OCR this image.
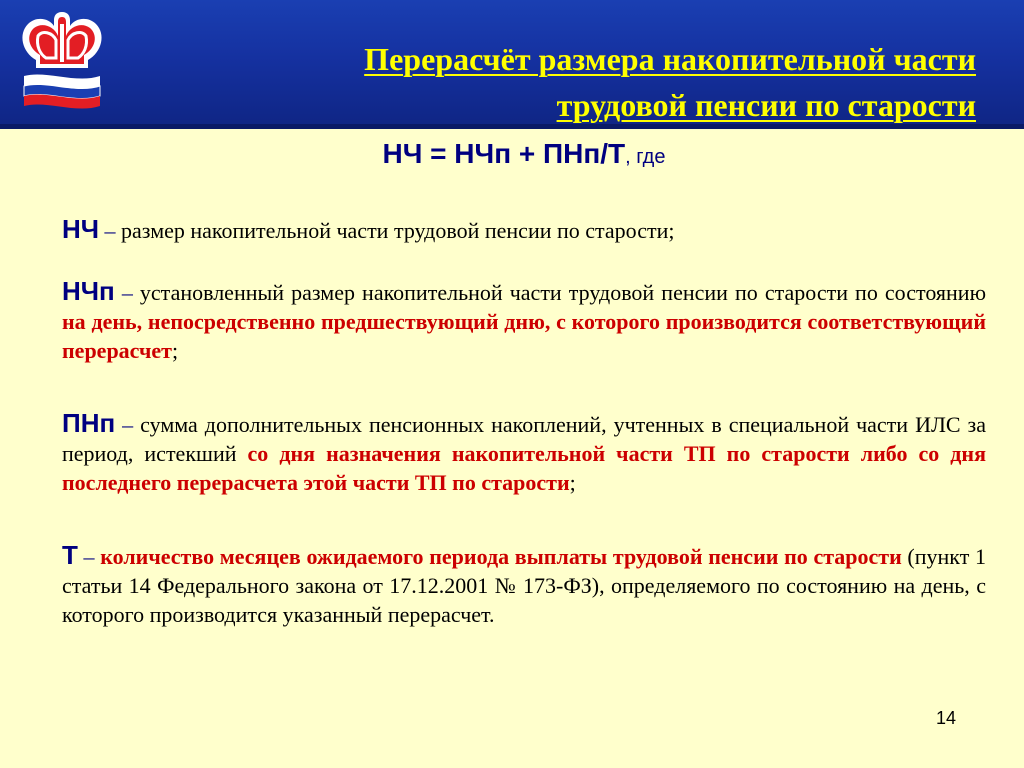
Перерасчёт размера накопительной части
трудовой пенсии по старости
НЧ = НЧп + ПНп/Т, где

НЧ – размер накопительной части трудовой пенсии по старости;

НЧп – установленный размер накопительной части трудовой пенсии по старости по состоянию на день, непосредственно предшествующий дню, с которого производится соответствующий перерасчет;

ПНп – сумма дополнительных пенсионных накоплений, учтенных в специальной части ИЛС за период, истекший со дня назначения накопительной части ТП по старости либо со дня последнего перерасчета этой части ТП по старости;

Т – количество месяцев ожидаемого периода выплаты трудовой пенсии по старости (пункт 1 статьи 14 Федерального закона от 17.12.2001 № 173-ФЗ), определяемого по состоянию на день, с которого производится указанный перерасчет.

14
